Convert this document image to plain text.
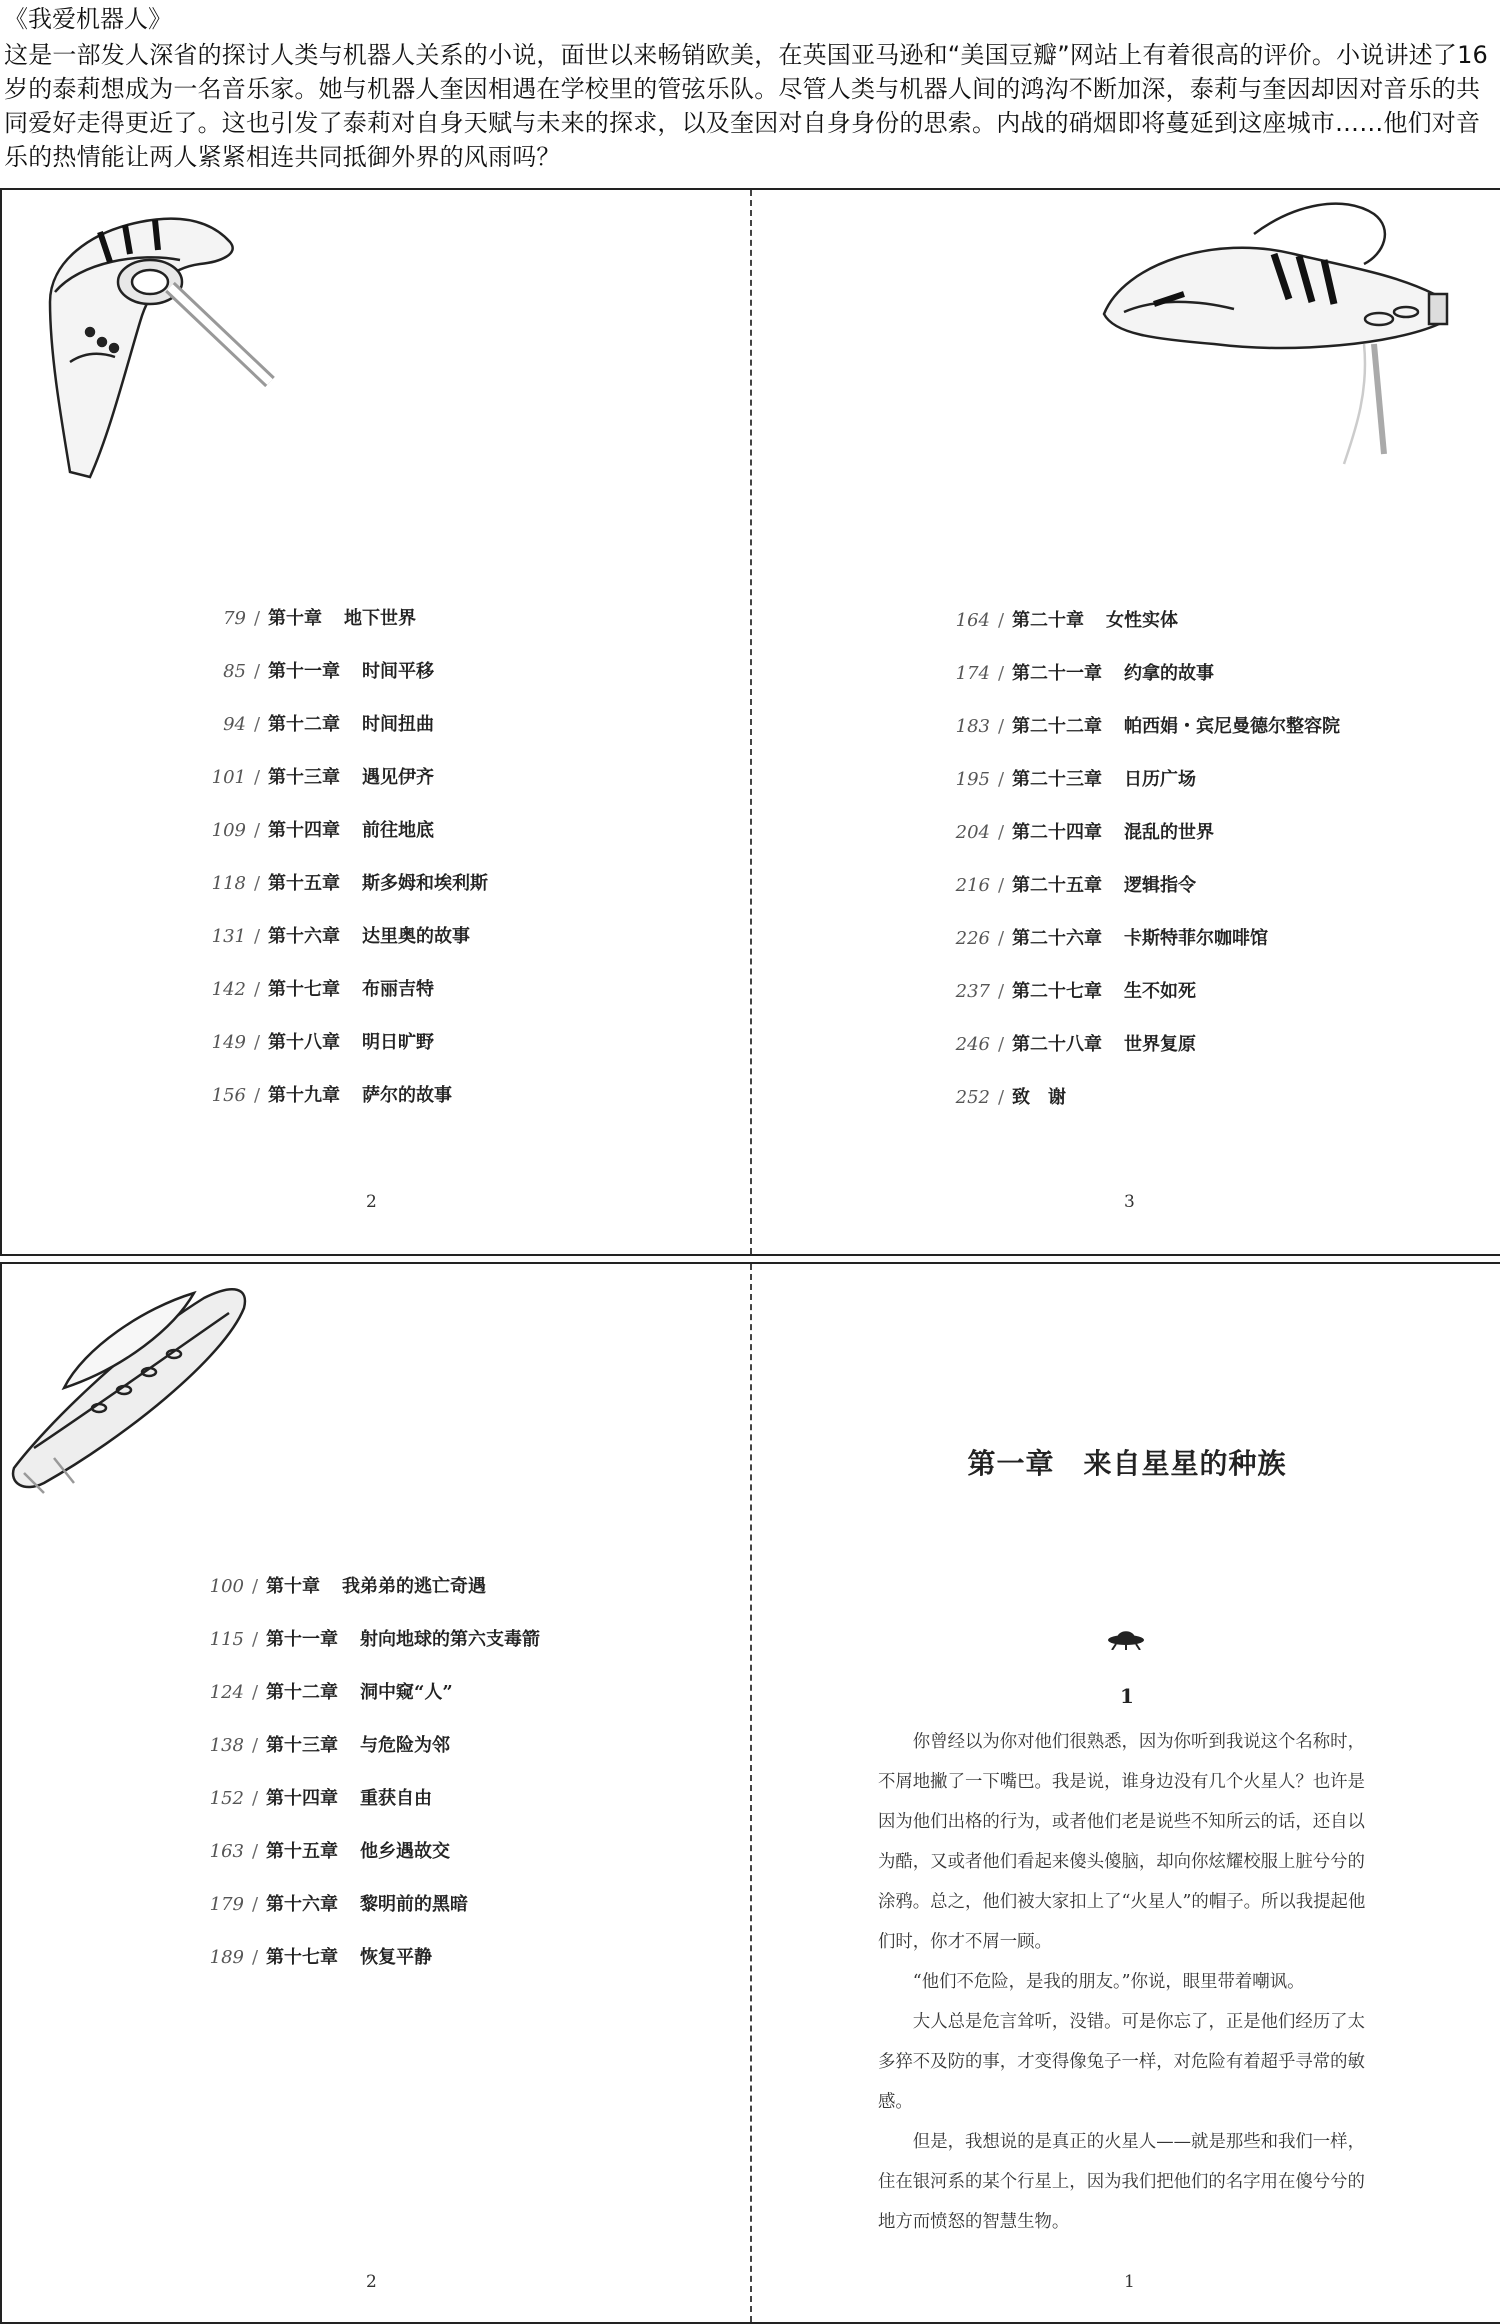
《我爱机器人》

这是一部发人深省的探讨人类与机器人关系的小说，面世以来畅销欧美，在英国亚马逊和“美国豆瓣”网站上有着很高的评价。小说讲述了16岁的泰莉想成为一名音乐家。她与机器人奎因相遇在学校里的管弦乐队。尽管人类与机器人间的鸿沟不断加深，泰莉与奎因却因对音乐的共同爱好走得更近了。这也引发了泰莉对自身天赋与未来的探求，以及奎因对自身身份的思索。内战的硝烟即将蔓延到这座城市……他们对音乐的热情能让两人紧紧相连共同抵御外界的风雨吗？

79 / 第十章 地下世界
85 / 第十一章 时间平移
94 / 第十二章 时间扭曲
101 / 第十三章 遇见伊齐
109 / 第十四章 前往地底
118 / 第十五章 斯多姆和埃利斯
131 / 第十六章 达里奥的故事
142 / 第十七章 布丽吉特
149 / 第十八章 明日旷野
156 / 第十九章 萨尔的故事
2
164 / 第二十章 女性实体
174 / 第二十一章 约拿的故事
183 / 第二十二章 帕西娟・宾尼曼德尔整容院
195 / 第二十三章 日历广场
204 / 第二十四章 混乱的世界
216 / 第二十五章 逻辑指令
226 / 第二十六章 卡斯特菲尔咖啡馆
237 / 第二十七章 生不如死
246 / 第二十八章 世界复原
252 / 致　谢
3
100 / 第十章 我弟弟的逃亡奇遇
115 / 第十一章 射向地球的第六支毒箭
124 / 第十二章 洞中窥“人”
138 / 第十三章 与危险为邻
152 / 第十四章 重获自由
163 / 第十五章 他乡遇故交
179 / 第十六章 黎明前的黑暗
189 / 第十七章 恢复平静
2
第一章　来自星星的种族
1

你曾经以为你对他们很熟悉，因为你听到我说这个名称时，不屑地撇了一下嘴巴。我是说，谁身边没有几个火星人？也许是因为他们出格的行为，或者他们老是说些不知所云的话，还自以为酷，又或者他们看起来傻头傻脑，却向你炫耀校服上脏兮兮的涂鸦。总之，他们被大家扣上了“火星人”的帽子。所以我提起他们时，你才不屑一顾。

“他们不危险，是我的朋友。”你说，眼里带着嘲讽。

大人总是危言耸听，没错。可是你忘了，正是他们经历了太多猝不及防的事，才变得像兔子一样，对危险有着超乎寻常的敏感。

但是，我想说的是真正的火星人——就是那些和我们一样，住在银河系的某个行星上，因为我们把他们的名字用在傻兮兮的地方而愤怒的智慧生物。

1
